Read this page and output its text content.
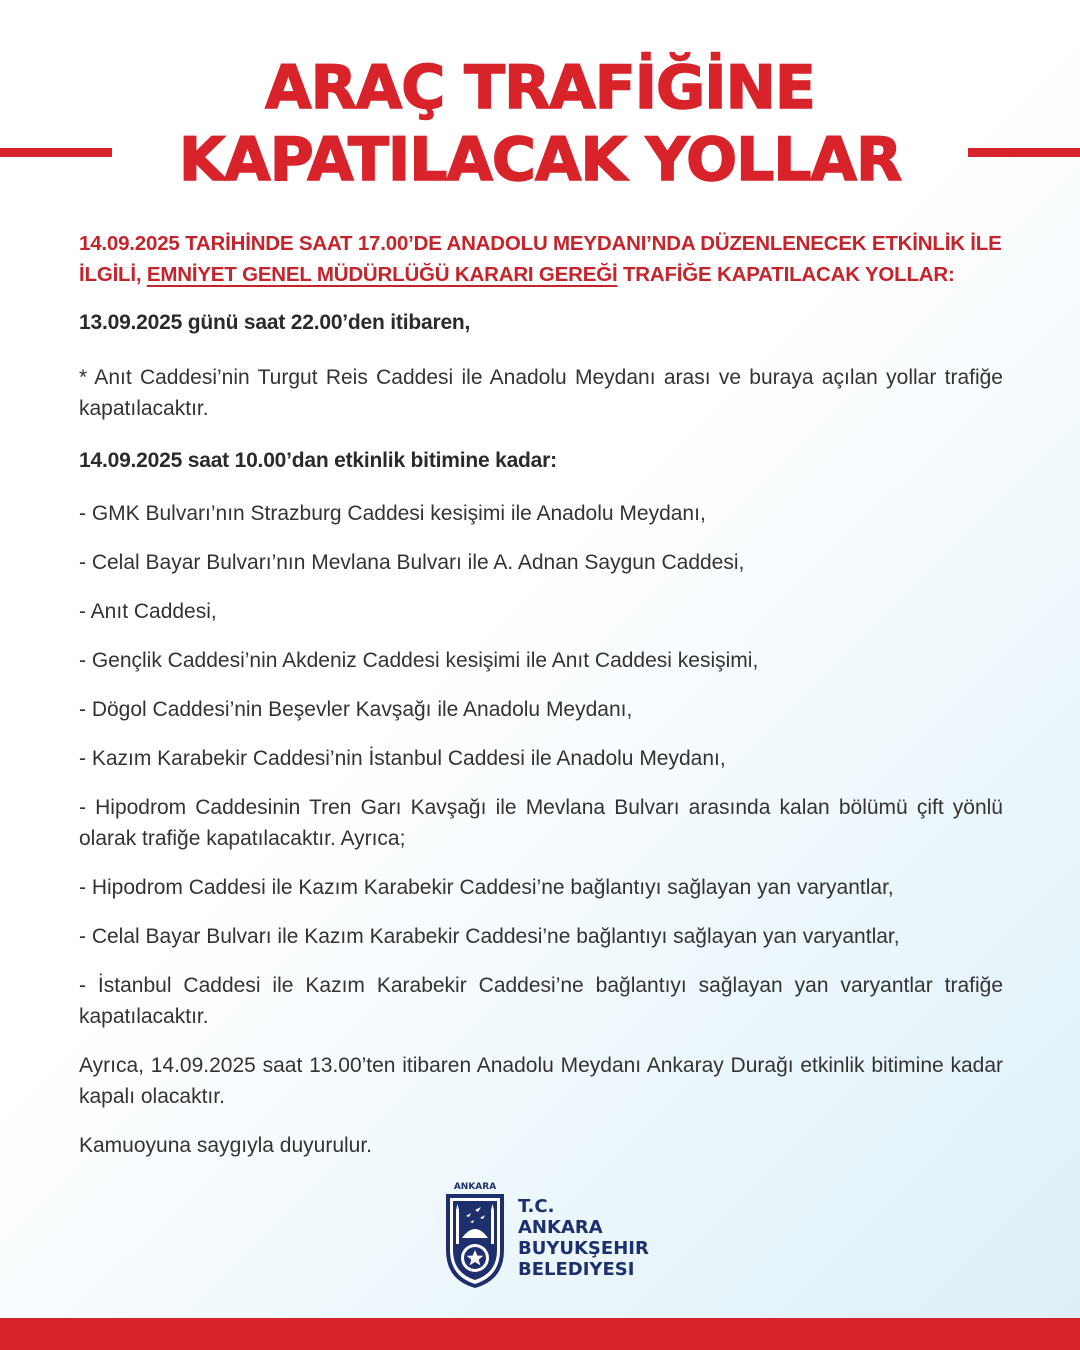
ARAÇ TRAFİĞİNE
KAPATILACAK YOLLAR

14.09.2025 TARİHİNDE SAAT 17.00’DE ANADOLU MEYDANI’NDA DÜZENLENECEK ETKİNLİK İLE İLGİLİ, EMNİYET GENEL MÜDÜRLÜĞÜ KARARI GEREĞİ TRAFİĞE KAPATILACAK YOLLAR:

13.09.2025 günü saat 22.00’den itibaren,

* Anıt Caddesi’nin Turgut Reis Caddesi ile Anadolu Meydanı arası ve buraya açılan yollar trafiğe kapatılacaktır.

14.09.2025 saat 10.00’dan etkinlik bitimine kadar:

- GMK Bulvarı’nın Strazburg Caddesi kesişimi ile Anadolu Meydanı,

- Celal Bayar Bulvarı’nın Mevlana Bulvarı ile A. Adnan Saygun Caddesi,

- Anıt Caddesi,

- Gençlik Caddesi’nin Akdeniz Caddesi kesişimi ile Anıt Caddesi kesişimi,

- Dögol Caddesi’nin Beşevler Kavşağı ile Anadolu Meydanı,

- Kazım Karabekir Caddesi’nin İstanbul Caddesi ile Anadolu Meydanı,

- Hipodrom Caddesinin Tren Garı Kavşağı ile Mevlana Bulvarı arasında kalan bölümü çift yönlü olarak trafiğe kapatılacaktır. Ayrıca;

- Hipodrom Caddesi ile Kazım Karabekir Caddesi’ne bağlantıyı sağlayan yan varyantlar,

- Celal Bayar Bulvarı ile Kazım Karabekir Caddesi’ne bağlantıyı sağlayan yan varyantlar,

- İstanbul Caddesi ile Kazım Karabekir Caddesi’ne bağlantıyı sağlayan yan varyantlar trafiğe kapatılacaktır.

Ayrıca, 14.09.2025 saat 13.00’ten itibaren Anadolu Meydanı Ankaray Durağı etkinlik bitimine kadar kapalı olacaktır.

Kamuoyuna saygıyla duyurulur.

ANKARA
T.C.
ANKARA
BUYUKŞEHIR
BELEDIYESI
